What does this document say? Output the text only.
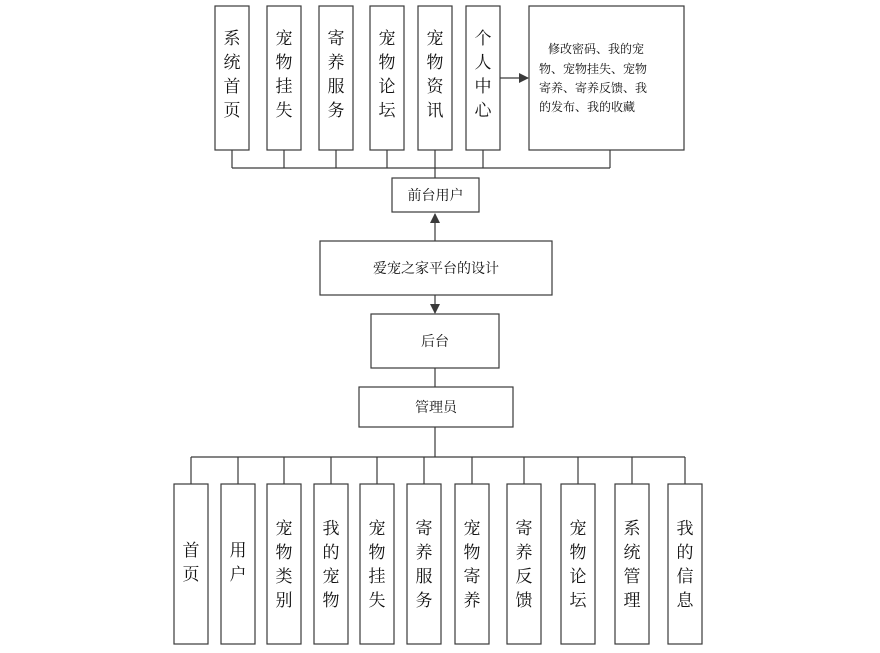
系统首页
宠物挂失
寄养服务
宠物论坛
宠物资讯
个人中心
修改密码、我的宠
物、宠物挂失、宠物
寄养、寄养反馈、我
的发布、我的收藏
前台用户
爱宠之家平台的设计
后台
管理员
首页
用户
宠物类别
我的宠物
宠物挂失
寄养服务
宠物寄养
寄养反馈
宠物论坛
系统管理
我的信息
